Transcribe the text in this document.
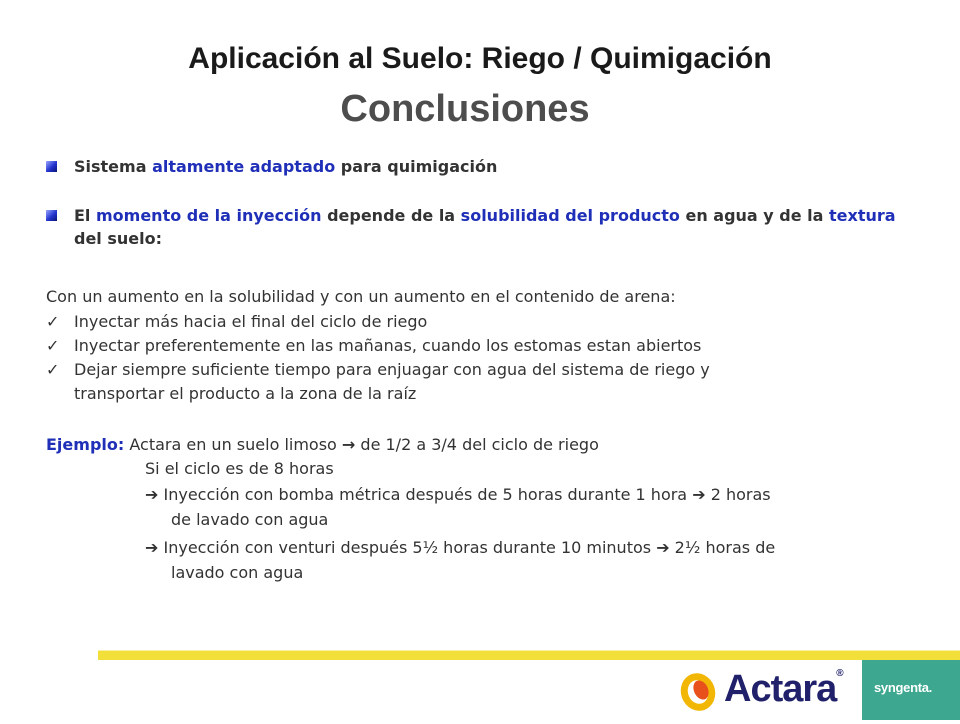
Aplicación al Suelo: Riego / Quimigación
Conclusiones
Sistema altamente adaptado para quimigación
El momento de la inyección depende de la solubilidad del producto en agua y de la textura del suelo:
Con un aumento en la solubilidad y con un aumento en el contenido de arena:
✓ Inyectar más hacia el final del ciclo de riego
✓ Inyectar preferentemente en las mañanas, cuando los estomas estan abiertos
✓ Dejar siempre suficiente tiempo para enjuagar con agua del sistema de riego y
transportar el producto a la zona de la raíz
Ejemplo: Actara en un suelo limoso → de 1/2 a 3/4 del ciclo de riego
Si el ciclo es de 8 horas
➔ Inyección con bomba métrica después de 5 horas durante 1 hora ➔ 2 horas
de lavado con agua
➔ Inyección con venturi después 5½ horas durante 10 minutos ➔ 2½ horas de
lavado con agua
Actara®
syngenta.
